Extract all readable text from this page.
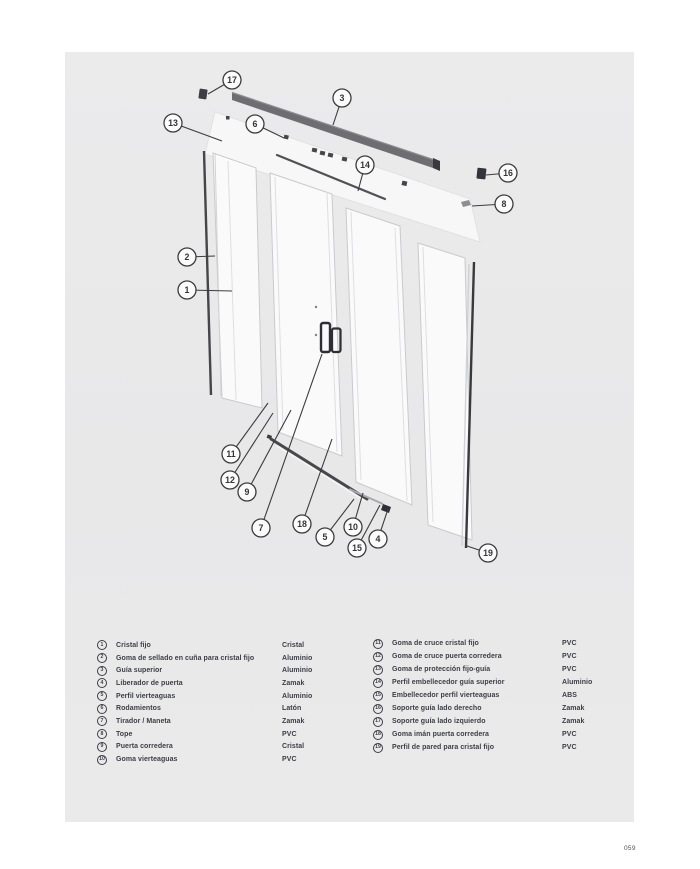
1
2
3
4
5
6
7
8
9
10
11
12
13
14
15
16
17
18
19
1	Cristal fijo	Cristal
2	Goma de sellado en cuña para cristal fijo	Aluminio
3	Guía superior	Aluminio
4	Liberador de puerta	Zamak
5	Perfil vierteaguas	Aluminio
6	Rodamientos	Latón
7	Tirador / Maneta	Zamak
8	Tope	PVC
9	Puerta corredera	Cristal
10	Goma vierteaguas	PVC
11	Goma de cruce cristal fijo	PVC
12	Goma de cruce puerta corredera	PVC
13	Goma de protección fijo-guía	PVC
14	Perfil embellecedor guía superior	Aluminio
15	Embellecedor perfil vierteaguas	ABS
16	Soporte guía lado derecho	Zamak
17	Soporte guía lado izquierdo	Zamak
18	Goma imán puerta corredera	PVC
19	Perfil de pared para cristal fijo	PVC
059
